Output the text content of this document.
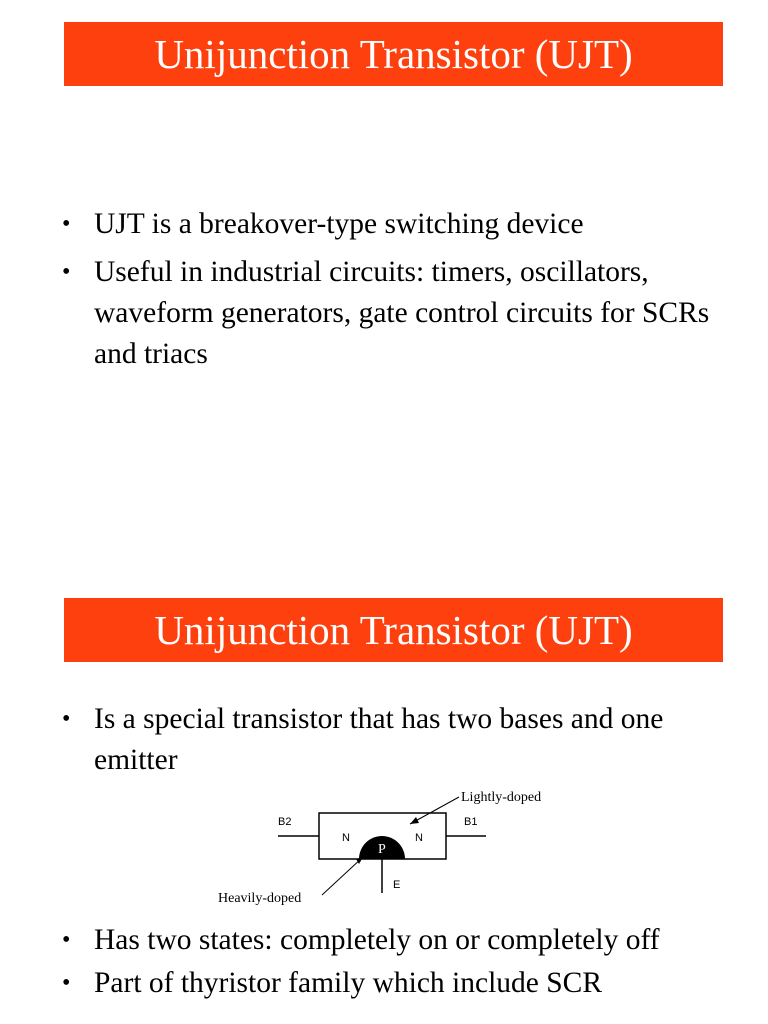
Unijunction Transistor (UJT)
• UJT is a breakover-type switching device
• Useful in industrial circuits: timers, oscillators, waveform generators, gate control circuits for SCRs and triacs
Unijunction Transistor (UJT)
• Is a special transistor that has two bases and one emitter
B2	B1
N	N
P
E
Lightly-doped
Heavily-doped
• Has two states: completely on or completely off
• Part of thyristor family which include SCR
